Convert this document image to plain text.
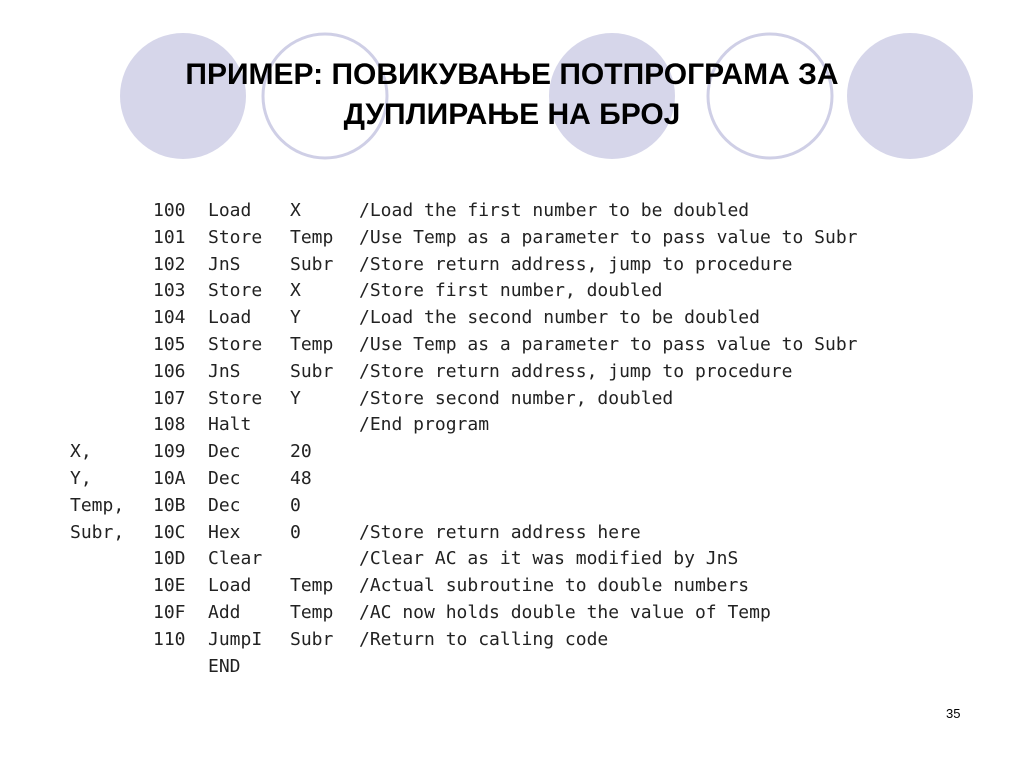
ПРИМЕР: ПОВИКУВАЊЕ ПОТПРОГРАМА ЗА
ДУПЛИРАЊЕ НА БРОЈ
100 Load X	/Load the first number to be doubled
101 Store Temp /Use Temp as a parameter to pass value to Subr
102 JnS	Subr /Store return address, jump to procedure
103 Store X	/Store first number, doubled
104 Load Y	/Load the second number to be doubled
105 Store Temp /Use Temp as a parameter to pass value to Subr
106 JnS	Subr /Store return address, jump to procedure
107 Store Y	/Store second number, doubled
108 Halt	/End program
X,	109 Dec	20
Y,	10A Dec	48
Temp, 10B Dec	0
Subr, 10C Hex	0	/Store return address here
10D Clear	/Clear AC as it was modified by JnS
10E Load Temp /Actual subroutine to double numbers
10F Add	Temp /AC now holds double the value of Temp
110 JumpI Subr /Return to calling code
END
35
